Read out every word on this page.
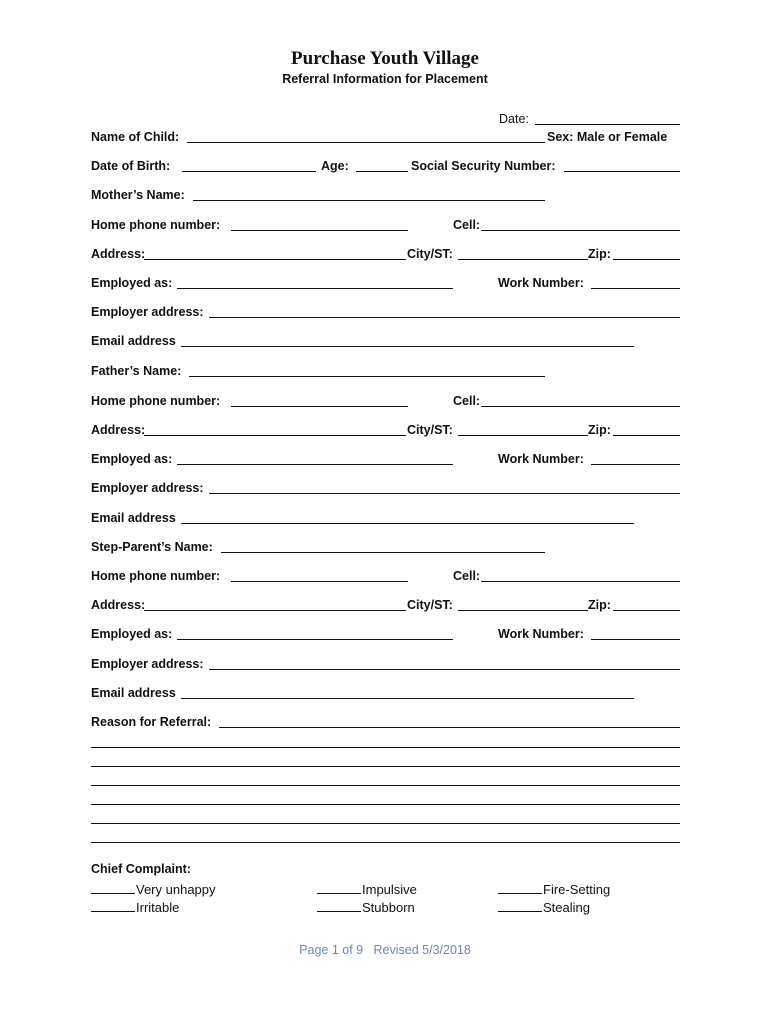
Purchase Youth Village
Referral Information for Placement
Date:
Name of Child:	Sex: Male or Female
Date of Birth:	Age:	Social Security Number:
Mother’s Name:
Home phone number:	Cell:
Address:	City/ST:	Zip:
Employed as:	Work Number:
Employer address:
Email address
Father’s Name:
Home phone number:	Cell:
Address:	City/ST:	Zip:
Employed as:	Work Number:
Employer address:
Email address
Step-Parent’s Name:
Home phone number:	Cell:
Address:	City/ST:	Zip:
Employed as:	Work Number:
Employer address:
Email address
Reason for Referral:
Chief Complaint:
Very unhappy	Impulsive	Fire-Setting
Irritable	Stubborn	Stealing
Page 1 of 9   Revised 5/3/2018
